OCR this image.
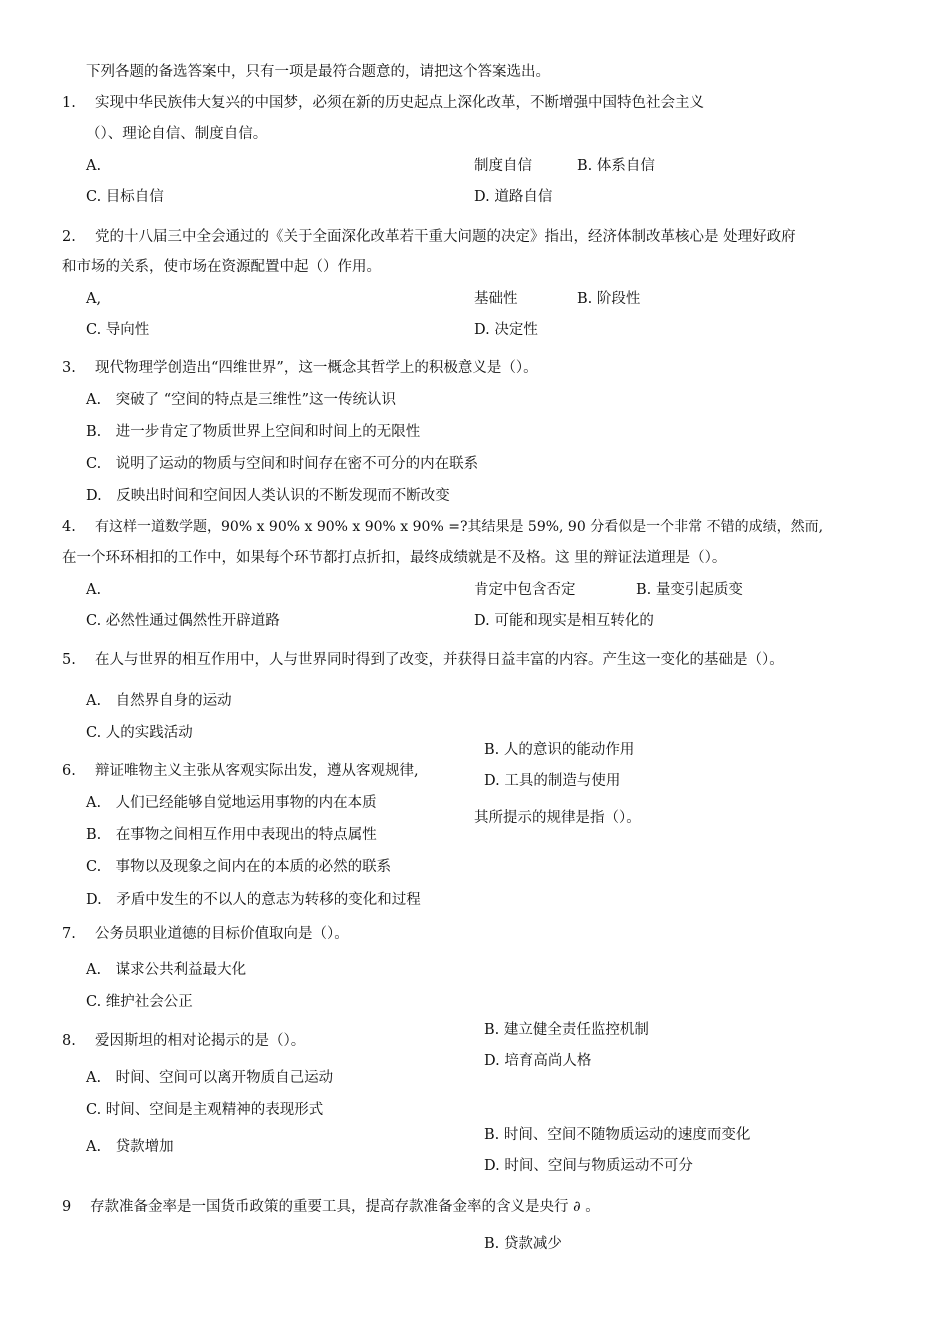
下列各题的备选答案中，只有一项是最符合题意的，请把这个答案选出。
1. 实现中华民族伟大复兴的中国梦，必须在新的历史起点上深化改革，不断增强中国特色社会主义
（）、理论自信、制度自信。
A.	制度自信	B. 体系自信
C. 目标自信	D. 道路自信
2. 党的十八届三中全会通过的《关于全面深化改革若干重大问题的决定》指出，经济体制改革核心是 处理好政府
和市场的关系，使市场在资源配置中起（）作用。
A,	基础性	B. 阶段性
C. 导向性	D. 决定性
3. 现代物理学创造出“四维世界”，这一概念其哲学上的积极意义是（）。
A.　突破了 “空间的特点是三维性”这一传统认识
B.　进一步肯定了物质世界上空间和时间上的无限性
C.　说明了运动的物质与空间和时间存在密不可分的内在联系
D.　反映出时间和空间因人类认识的不断发现而不断改变
4. 有这样一道数学题，90% x 90% x 90% x 90% x 90% =?其结果是 59%, 90 分看似是一个非常 不错的成绩，然而,
在一个环环相扣的工作中，如果每个环节都打点折扣，最终成绩就是不及格。这 里的辩证法道理是（）。
A.	肯定中包含否定	B. 量变引起质变
C. 必然性通过偶然性开辟道路	D. 可能和现实是相互转化的
5. 在人与世界的相互作用中，人与世界同时得到了改变，并获得日益丰富的内容。产生这一变化的基础是（）。
A.　自然界自身的运动
C. 人的实践活动
B. 人的意识的能动作用
D. 工具的制造与使用
6. 辩证唯物主义主张从客观实际出发，遵从客观规律,
其所提示的规律是指（）。
A.　人们已经能够自觉地运用事物的内在本质
B.　在事物之间相互作用中表现出的特点属性
C.　事物以及现象之间内在的本质的必然的联系
D.　矛盾中发生的不以人的意志为转移的变化和过程
7. 公务员职业道德的目标价值取向是（）。
A.　谋求公共利益最大化
C. 维护社会公正
B. 建立健全责任监控机制
D. 培育高尚人格
8. 爱因斯坦的相对论揭示的是（）。
A.　时间、空间可以离开物质自己运动
C. 时间、空间是主观精神的表现形式
B. 时间、空间不随物质运动的速度而变化
D. 时间、空间与物质运动不可分
A.　贷款增加
9 存款准备金率是一国货币政策的重要工具，提高存款准备金率的含义是央行 ∂ 。
B. 贷款减少
